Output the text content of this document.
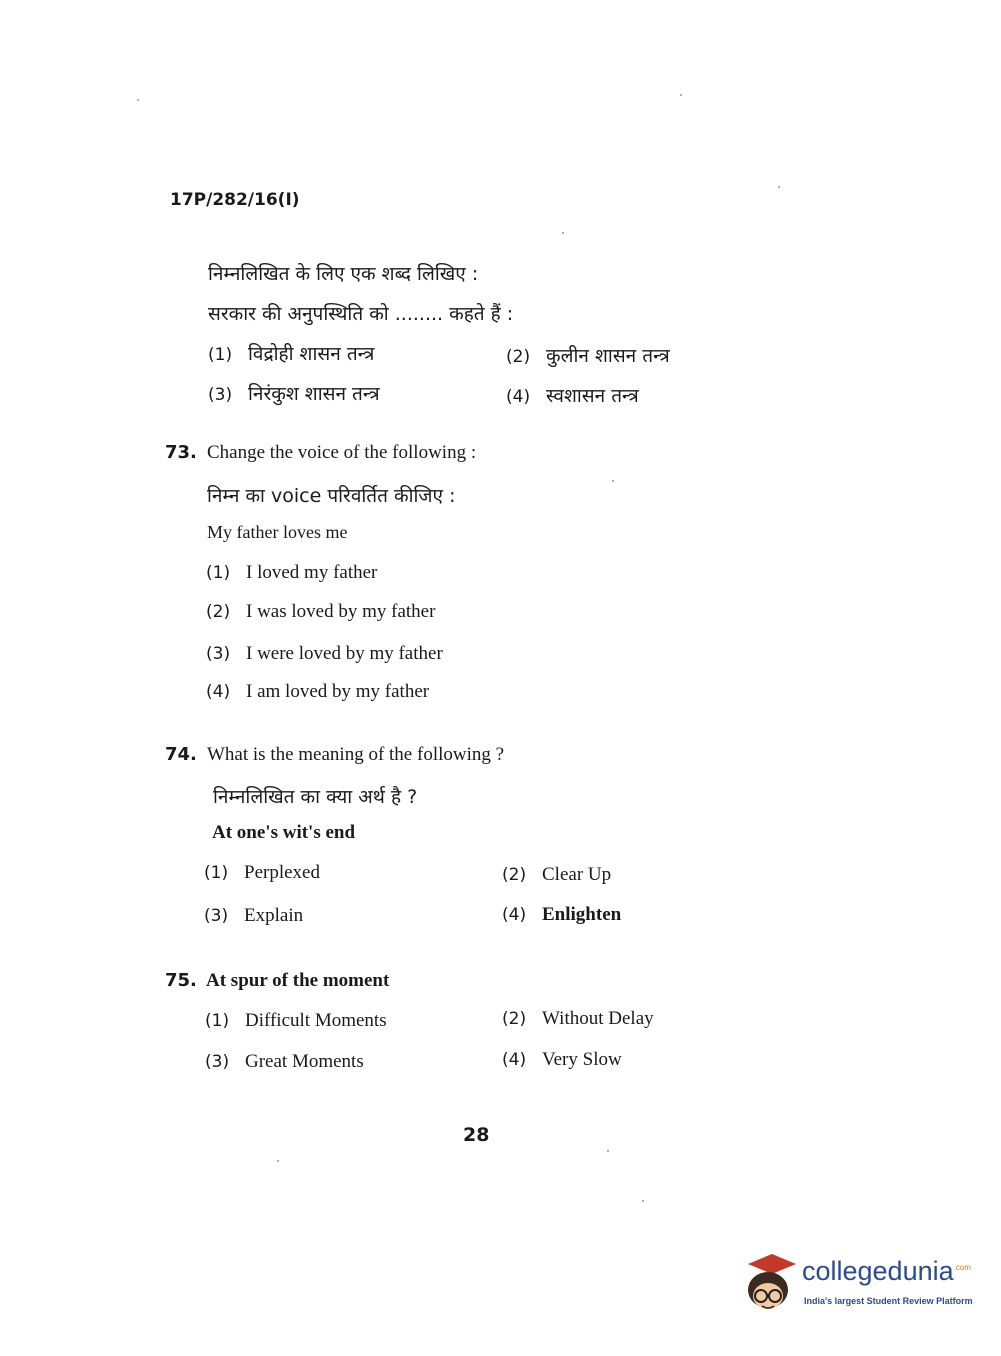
17P/282/16(I)
निम्नलिखित के लिए एक शब्द लिखिए :
सरकार की अनुपस्थिति को ........ कहते हैं :
(1) विद्रोही शासन तन्त्र	(2) कुलीन शासन तन्त्र
(3) निरंकुश शासन तन्त्र	(4) स्वशासन तन्त्र
73. Change the voice of the following :
निम्न का voice परिवर्तित कीजिए :
My father loves me
(1) I loved my father
(2) I was loved by my father
(3) I were loved by my father
(4) I am loved by my father
74. What is the meaning of the following ?
निम्नलिखित का क्या अर्थ है ?
At one's wit's end
(1) Perplexed	(2) Clear Up
(3) Explain	(4) Enlighten
75. At spur of the moment
(1) Difficult Moments	(2) Without Delay
(3) Great Moments	(4) Very Slow
28
collegedunia$^{.com}$
India's largest Student Review Platform
